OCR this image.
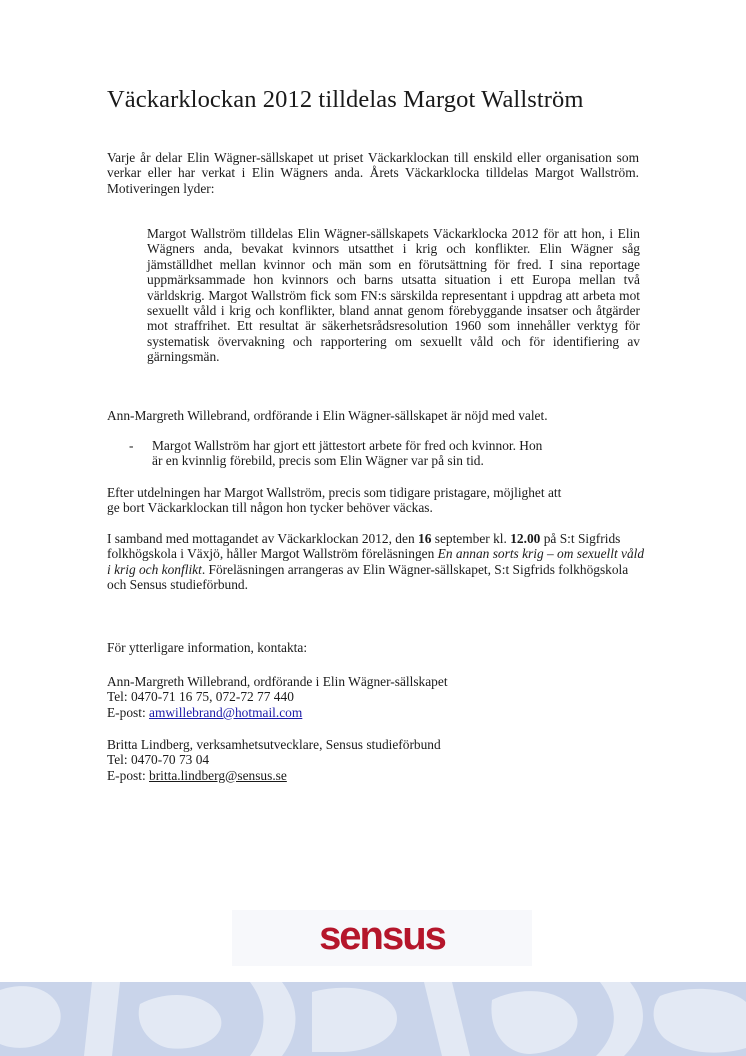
Väckarklockan 2012 tilldelas Margot Wallström

Varje år delar Elin Wägner-sällskapet ut priset Väckarklockan till enskild eller organisation som verkar eller har verkat i Elin Wägners anda. Årets Väckarklocka tilldelas Margot Wallström. Motiveringen lyder:

Margot Wallström tilldelas Elin Wägner-sällskapets Väckarklocka 2012 för att hon, i Elin Wägners anda, bevakat kvinnors utsatthet i krig och konflikter. Elin Wägner såg jämställdhet mellan kvinnor och män som en förutsättning för fred. I sina reportage uppmärksammade hon kvinnors och barns utsatta situation i ett Europa mellan två världskrig. Margot Wallström fick som FN:s särskilda representant i uppdrag att arbeta mot sexuellt våld i krig och konflikter, bland annat genom förebyggande insatser och åtgärder mot straffrihet. Ett resultat är säkerhetsrådsresolution 1960 som innehåller verktyg för systematisk övervakning och rapportering om sexuellt våld och för identifiering av gärningsmän.

Ann-Margreth Willebrand, ordförande i Elin Wägner-sällskapet är nöjd med valet.

- Margot Wallström har gjort ett jättestort arbete för fred och kvinnor. Hon är en kvinnlig förebild, precis som Elin Wägner var på sin tid.

Efter utdelningen har Margot Wallström, precis som tidigare pristagare, möjlighet att ge bort Väckarklockan till någon hon tycker behöver väckas.

I samband med mottagandet av Väckarklockan 2012, den 16 september kl. 12.00 på S:t Sigfrids folkhögskola i Växjö, håller Margot Wallström föreläsningen En annan sorts krig – om sexuellt våld i krig och konflikt. Föreläsningen arrangeras av Elin Wägner-sällskapet, S:t Sigfrids folkhögskola och Sensus studieförbund.

För ytterligare information, kontakta:

Ann-Margreth Willebrand, ordförande i Elin Wägner-sällskapet
Tel: 0470-71 16 75, 072-72 77 440
E-post: amwillebrand@hotmail.com
Britta Lindberg, verksamhetsutvecklare, Sensus studieförbund
Tel: 0470-70 73 04
E-post: britta.lindberg@sensus.se
sensus
